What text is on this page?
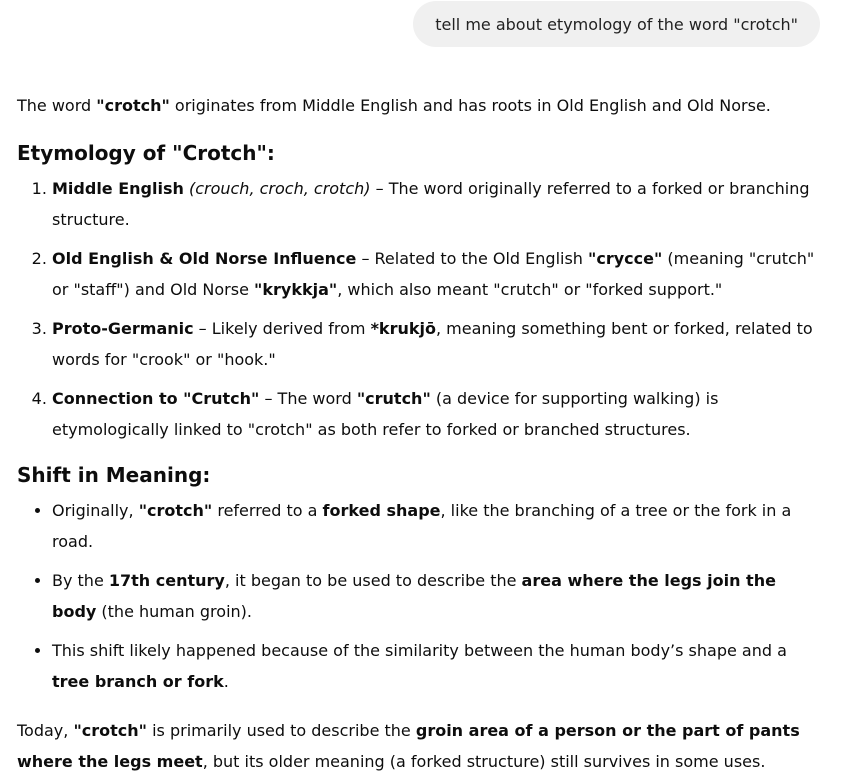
tell me about etymology of the word "crotch"

The word "crotch" originates from Middle English and has roots in Old English and Old Norse.

Etymology of "Crotch":
1. Middle English (crouch, croch, crotch) – The word originally referred to a forked or branching structure.
2. Old English & Old Norse Influence – Related to the Old English "crycce" (meaning "crutch" or "staff") and Old Norse "krykkja", which also meant "crutch" or "forked support."
3. Proto-Germanic – Likely derived from *krukjō, meaning something bent or forked, related to words for "crook" or "hook."
4. Connection to "Crutch" – The word "crutch" (a device for supporting walking) is etymologically linked to "crotch" as both refer to forked or branched structures.
Shift in Meaning:
• Originally, "crotch" referred to a forked shape, like the branching of a tree or the fork in a road.
• By the 17th century, it began to be used to describe the area where the legs join the body (the human groin).
• This shift likely happened because of the similarity between the human body’s shape and a tree branch or fork.

Today, "crotch" is primarily used to describe the groin area of a person or the part of pants where the legs meet, but its older meaning (a forked structure) still survives in some uses.
